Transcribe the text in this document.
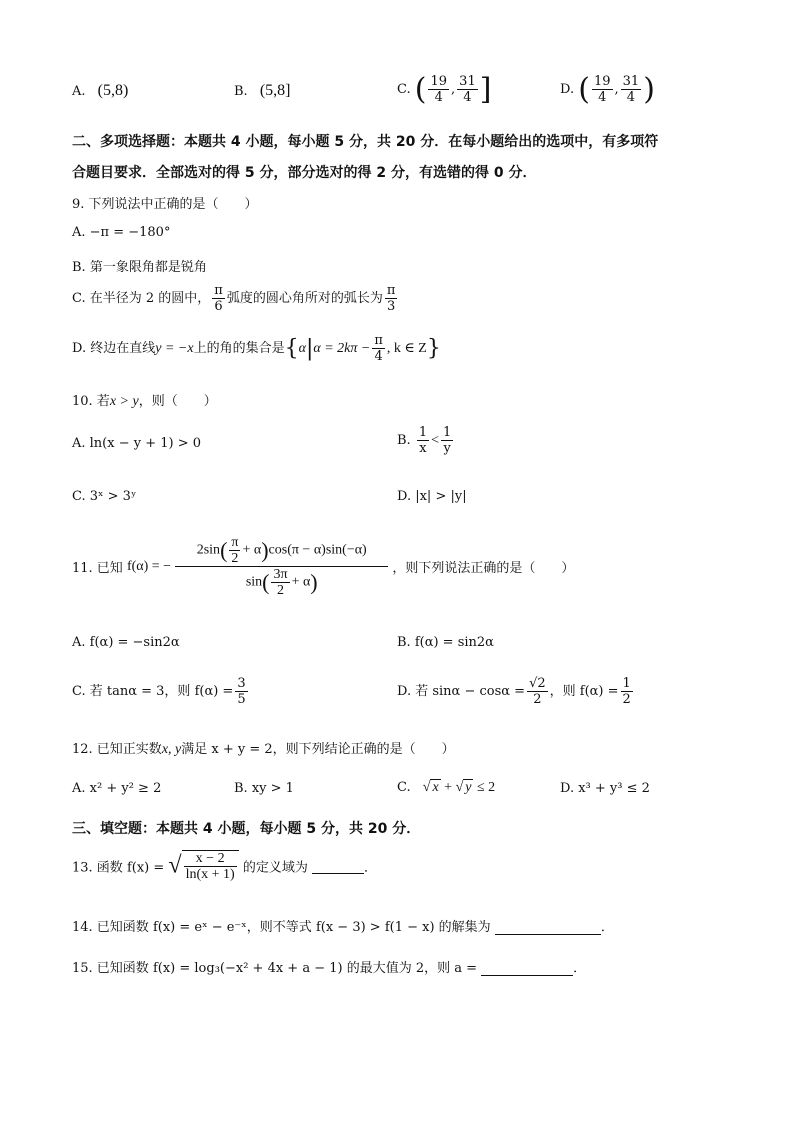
A. (5,8)	B. (5,8]	C. ( $\frac{19}{4}$ , $\frac{31}{4}$ ]	D. ( $\frac{19}{4}$ , $\frac{31}{4}$ )
二、多项选择题：本题共 4 小题，每小题 5 分，共 20 分．在每小题给出的选项中，有多项符
合题目要求．全部选对的得 5 分，部分选对的得 2 分，有选错的得 0 分．
9. 下列说法中正确的是（　　）
A. −π = −180°
B. 第一象限角都是锐角
C. 在半径为 2 的圆中， $\frac{\pi}{6}$ 弧度的圆心角所对的弧长为 $\frac{\pi}{3}$
D. 终边在直线y = −x上的角的集合是{$\alpha|\alpha = 2k\pi - \frac{\pi}{4}$ , k ∈ Z}
10. 若x > y，则（　　）
A. ln(x − y + 1) > 0	B. $\frac{1}{x} < \frac{1}{y}$
C. 3ˣ > 3ʸ	D. |x| > |y|
11. 已知 f(α) = − $\frac{2\sin( \frac{\pi}{2} + \alpha)\cos(\pi - \alpha)\sin(-\alpha)}{\sin( \frac{3\pi}{2} + \alpha)}$ ，则下列说法正确的是（　　）
A. f(α) = −sin2α	B. f(α) = sin2α
C. 若 tanα = 3，则 $f(\alpha) = \frac{3}{5}$	D. 若 $\sin\alpha - \cos\alpha = \frac{√2}{2}$ ，则 $f(\alpha) = \frac{1}{2}$
12. 已知正实数x, y满足 x + y = 2，则下列结论正确的是（　　）
A. x² + y² ≥ 2	B. xy > 1	C. √ x + √ y ≤ 2	D. x³ + y³ ≤ 2
三、填空题：本题共 4 小题，每小题 5 分，共 20 分．
13. 函数 f(x) = √ $\frac{x - 2}{\ln(x + 1)}$ 的定义域为	．
14. 已知函数 f(x) = eˣ − e⁻ˣ，则不等式 f(x − 3) > f(1 − x) 的解集为	．
15. 已知函数 f(x) = log₃(−x² + 4x + a − 1) 的最大值为 2，则 a =	．
